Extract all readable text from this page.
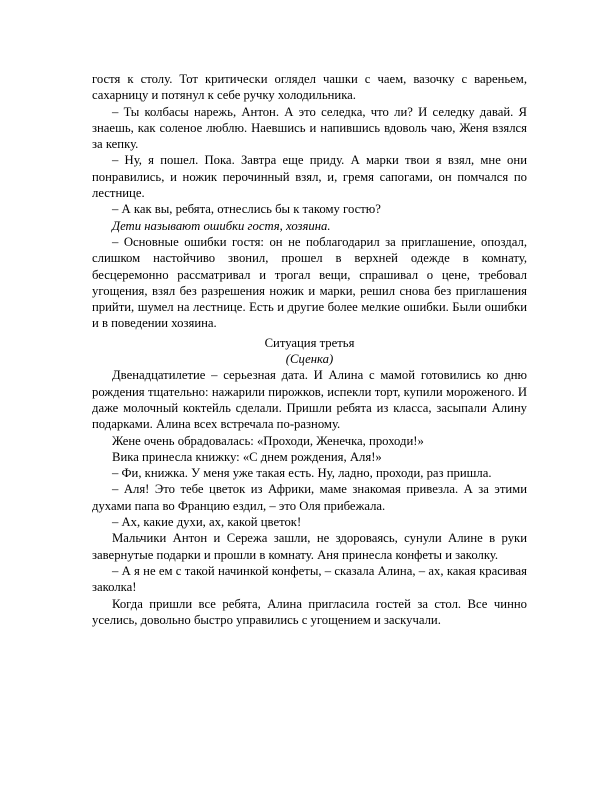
гостя к столу. Тот критически оглядел чашки с чаем, вазочку с вареньем, сахарницу и потянул к себе ручку холодильника.

– Ты колбасы нарежь, Антон. А это селедка, что ли? И селедку давай. Я знаешь, как соленое люблю. Наевшись и напившись вдоволь чаю, Женя взялся за кепку.

– Ну, я пошел. Пока. Завтра еще приду. А марки твои я взял, мне они понравились, и ножик перочинный взял, и, гремя сапогами, он помчался по лестнице.

– А как вы, ребята, отнеслись бы к такому гостю?

Дети называют ошибки гостя, хозяина.

– Основные ошибки гостя: он не поблагодарил за приглашение, опоздал, слишком настойчиво звонил, прошел в верхней одежде в комнату, бесцеремонно рассматривал и трогал вещи, спрашивал о цене, требовал угощения, взял без разрешения ножик и марки, решил снова без приглашения прийти, шумел на лестнице. Есть и другие более мелкие ошибки. Были ошибки и в поведении хозяина.

Ситуация третья

(Сценка)

Двенадцатилетие – серьезная дата. И Алина с мамой готовились ко дню рождения тщательно: нажарили пирожков, испекли торт, купили мороженого. И даже молочный коктейль сделали. Пришли ребята из класса, засыпали Алину подарками. Алина всех встречала по-разному.

Жене очень обрадовалась: «Проходи, Женечка, проходи!»

Вика принесла книжку: «С днем рождения, Аля!»

– Фи, книжка. У меня уже такая есть. Ну, ладно, проходи, раз пришла.

– Аля! Это тебе цветок из Африки, маме знакомая привезла. А за этими духами папа во Францию ездил, – это Оля прибежала.

– Ах, какие духи, ах, какой цветок!

Мальчики Антон и Сережа зашли, не здороваясь, сунули Алине в руки завернутые подарки и прошли в комнату. Аня принесла конфеты и заколку.

– А я не ем с такой начинкой конфеты, – сказала Алина, – ах, какая красивая заколка!

Когда пришли все ребята, Алина пригласила гостей за стол. Все чинно уселись, довольно быстро управились с угощением и заскучали.
